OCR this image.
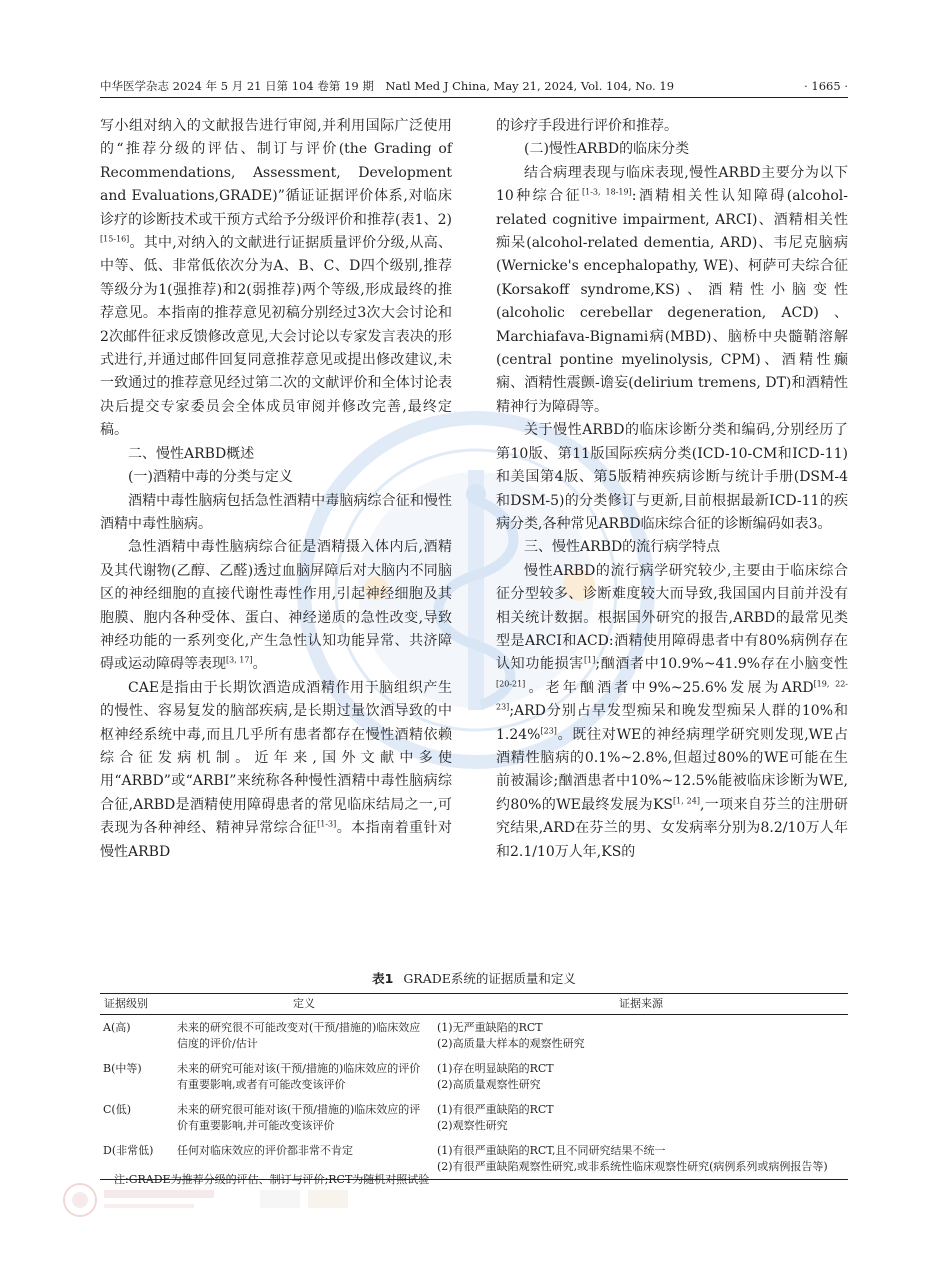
中华医学杂志 2024 年 5 月 21 日第 104 卷第 19 期　Natl Med J China, May 21, 2024, Vol. 104, No. 19	· 1665 ·

写小组对纳入的文献报告进行审阅,并利用国际广泛使用的“推荐分级的评估、制订与评价(the Grading of Recommendations, Assessment, Development and Evaluations,GRADE)”循证证据评价体系,对临床诊疗的诊断技术或干预方式给予分级评价和推荐(表1、2)[15-16]。其中,对纳入的文献进行证据质量评价分级,从高、中等、低、非常低依次分为A、B、C、D四个级别,推荐等级分为1(强推荐)和2(弱推荐)两个等级,形成最终的推荐意见。本指南的推荐意见初稿分别经过3次大会讨论和2次邮件征求反馈修改意见,大会讨论以专家发言表决的形式进行,并通过邮件回复同意推荐意见或提出修改建议,未一致通过的推荐意见经过第二次的文献评价和全体讨论表决后提交专家委员会全体成员审阅并修改完善,最终定稿。

二、慢性ARBD概述

(一)酒精中毒的分类与定义

酒精中毒性脑病包括急性酒精中毒脑病综合征和慢性酒精中毒性脑病。

急性酒精中毒性脑病综合征是酒精摄入体内后,酒精及其代谢物(乙醇、乙醛)透过血脑屏障后对大脑内不同脑区的神经细胞的直接代谢性毒性作用,引起神经细胞及其胞膜、胞内各种受体、蛋白、神经递质的急性改变,导致神经功能的一系列变化,产生急性认知功能异常、共济障碍或运动障碍等表现[3, 17]。

CAE是指由于长期饮酒造成酒精作用于脑组织产生的慢性、容易复发的脑部疾病,是长期过量饮酒导致的中枢神经系统中毒,而且几乎所有患者都存在慢性酒精依赖综合征发病机制。近年来,国外文献中多使用“ARBD”或“ARBI”来统称各种慢性酒精中毒性脑病综合征,ARBD是酒精使用障碍患者的常见临床结局之一,可表现为各种神经、精神异常综合征[1-3]。本指南着重针对慢性ARBD

的诊疗手段进行评价和推荐。

(二)慢性ARBD的临床分类

结合病理表现与临床表现,慢性ARBD主要分为以下10种综合征[1-3, 18-19]:酒精相关性认知障碍(alcohol-related cognitive impairment, ARCI)、酒精相关性痴呆(alcohol-related dementia, ARD)、韦尼克脑病(Wernicke's encephalopathy, WE)、柯萨可夫综合征(Korsakoff syndrome,KS)、酒精性小脑变性 (alcoholic cerebellar degeneration, ACD) 、Marchiafava-Bignami病(MBD)、脑桥中央髓鞘溶解(central pontine myelinolysis, CPM)、酒精性癫痫、酒精性震颤-谵妄(delirium tremens, DT)和酒精性精神行为障碍等。

关于慢性ARBD的临床诊断分类和编码,分别经历了第10版、第11版国际疾病分类(ICD-10-CM和ICD-11)和美国第4版、第5版精神疾病诊断与统计手册(DSM-4和DSM-5)的分类修订与更新,目前根据最新ICD-11的疾病分类,各种常见ARBD临床综合征的诊断编码如表3。

三、慢性ARBD的流行病学特点

慢性ARBD的流行病学研究较少,主要由于临床综合征分型较多、诊断难度较大而导致,我国国内目前并没有相关统计数据。根据国外研究的报告,ARBD的最常见类型是ARCI和ACD:酒精使用障碍患者中有80%病例存在认知功能损害[1];酗酒者中10.9%~41.9%存在小脑变性[20-21]。老年酗酒者中9%~25.6%发展为ARD[19, 22-23];ARD分别占早发型痴呆和晚发型痴呆人群的10%和1.24%[23]。既往对WE的神经病理学研究则发现,WE占酒精性脑病的0.1%~2.8%,但超过80%的WE可能在生前被漏诊;酗酒患者中10%~12.5%能被临床诊断为WE,约80%的WE最终发展为KS[1, 24],一项来自芬兰的注册研究结果,ARD在芬兰的男、女发病率分别为8.2/10万人年和2.1/10万人年,KS的

表1 GRADE系统的证据质量和定义
证据级别	定义	证据来源
A(高)	未来的研究很不可能改变对(干预/措施的)临床效应信度的评价/估计	(1)无严重缺陷的RCT
(2)高质量大样本的观察性研究

B(中等)	未来的研究可能对该(干预/措施的)临床效应的评价有重要影响,或者有可能改变该评价	(1)存在明显缺陷的RCT
(2)高质量观察性研究

C(低)	未来的研究很可能对该(干预/措施的)临床效应的评价有重要影响,并可能改变该评价	(1)有很严重缺陷的RCT
(2)观察性研究

D(非常低)	任何对临床效应的评价都非常不肯定	(1)有很严重缺陷的RCT,且不同研究结果不统一
(2)有很严重缺陷观察性研究,或非系统性临床观察性研究(病例系列或病例报告等)
注:GRADE为推荐分级的评估、制订与评价;RCT为随机对照试验
